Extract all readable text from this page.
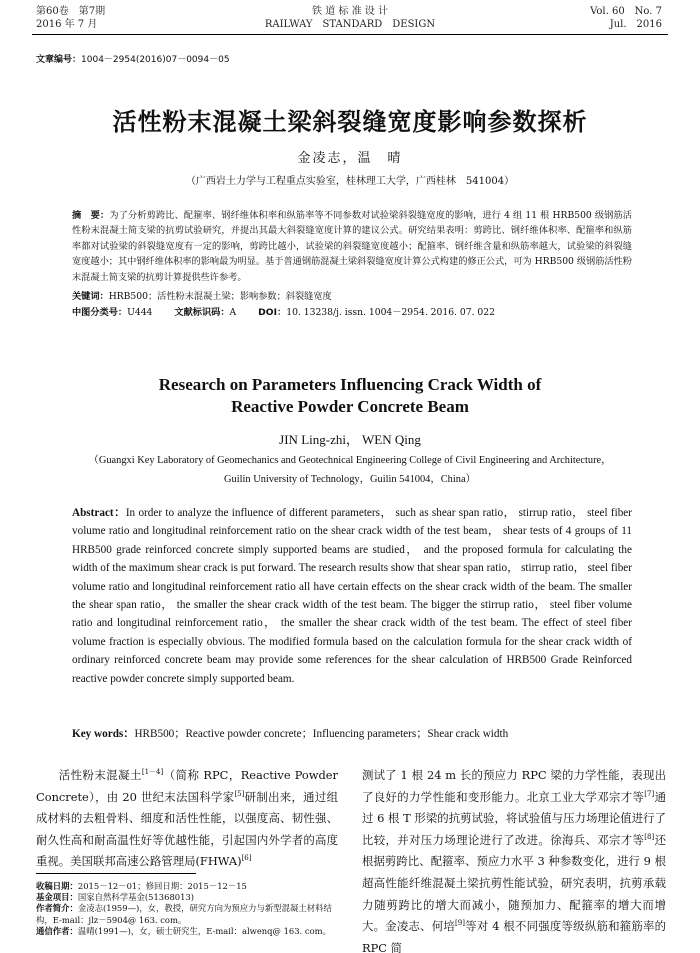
第60卷　第7期
2016 年 7 月
铁 道 标 准 设 计
RAILWAY　STANDARD　DESIGN
Vol. 60　No. 7
Jul.　2016
文章编号：1004－2954(2016)07－0094－05
活性粉末混凝土梁斜裂缝宽度影响参数探析
金凌志，温　晴
（广西岩土力学与工程重点实验室，桂林理工大学，广西桂林　541004）
摘　要：为了分析剪跨比、配箍率、钢纤维体积率和纵筋率等不同参数对试验梁斜裂缝宽度的影响，进行 4 组 11 根 HRB500 级钢筋活性粉末混凝土简支梁的抗剪试验研究，并提出其最大斜裂缝宽度计算的建议公式。研究结果表明：剪跨比、钢纤维体积率、配箍率和纵筋率都对试验梁的斜裂缝宽度有一定的影响，剪跨比越小，试验梁的斜裂缝宽度越小；配箍率、钢纤维含量和纵筋率越大，试验梁的斜裂缝宽度越小；其中钢纤维体积率的影响最为明显。基于普通钢筋混凝土梁斜裂缝宽度计算公式构建的修正公式，可为 HRB500 级钢筋活性粉末混凝土简支梁的抗剪计算提供些许参考。
关键词：HRB500；活性粉末混凝土梁；影响参数；斜裂缝宽度
中图分类号：U444 文献标识码：A DOI：10. 13238/j. issn. 1004－2954. 2016. 07. 022
Research on Parameters Influencing Crack Width of
Reactive Powder Concrete Beam
JIN Ling-zhi， WEN Qing
（Guangxi Key Laboratory of Geomechanics and Geotechnical Engineering College of Civil Engineering and Architecture，
Guilin University of Technology，Guilin 541004，China）
Abstract：In order to analyze the influence of different parameters， such as shear span ratio， stirrup ratio， steel fiber volume ratio and longitudinal reinforcement ratio on the shear crack width of the test beam， shear tests of 4 groups of 11 HRB500 grade reinforced concrete simply supported beams are studied， and the proposed formula for calculating the width of the maximum shear crack is put forward. The research results show that shear span ratio， stirrup ratio， steel fiber volume ratio and longitudinal reinforcement ratio all have certain effects on the shear crack width of the beam. The smaller the shear span ratio， the smaller the shear crack width of the test beam. The bigger the stirrup ratio， steel fiber volume ratio and longitudinal reinforcement ratio， the smaller the shear crack width of the test beam. The effect of steel fiber volume fraction is especially obvious. The modified formula based on the calculation formula for the shear crack width of ordinary reinforced concrete beam may provide some references for the shear calculation of HRB500 Grade Reinforced reactive powder concrete simply supported beam.
Key words：HRB500；Reactive powder concrete；Influencing parameters；Shear crack width

活性粉末混凝土[1－4]（简称 RPC，Reactive Powder Concrete），由 20 世纪末法国科学家[5]研制出来，通过组成材料的去粗骨料、细度和活性性能，以强度高、韧性强、耐久性高和耐高温性好等优越性能，引起国内外学者的高度重视。美国联邦高速公路管理局(FHWA)[6]

测试了 1 根 24 m 长的预应力 RPC 梁的力学性能，表现出了良好的力学性能和变形能力。北京工业大学邓宗才等[7]通过 6 根 T 形梁的抗剪试验，将试验值与压力场理论值进行了比较，并对压力场理论进行了改进。徐海兵、邓宗才等[8]还根据剪跨比、配箍率、预应力水平 3 种参数变化，进行 9 根超高性能纤维混凝土梁抗剪性能试验，研究表明，抗剪承载力随剪跨比的增大而减小，随预加力、配箍率的增大而增大。金凌志、何培[9]等对 4 根不同强度等级纵筋和箍筋率的 RPC 简

收稿日期：2015－12－01；修回日期：2015－12－15
基金项目：国家自然科学基金(51368013)
作者简介：金凌志(1959—)，女，教授，研究方向为预应力与新型混凝土材料结构，E-mail：jlz－5904@ 163. com。
通信作者：温晴(1991—)，女，硕士研究生，E-mail：alwenq@ 163. com。
